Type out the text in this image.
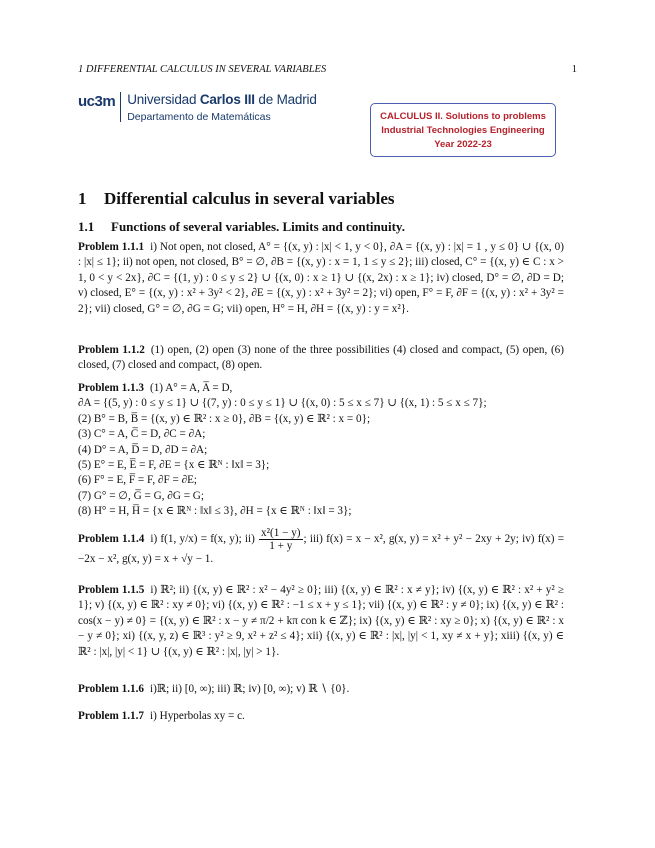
1 DIFFERENTIAL CALCULUS IN SEVERAL VARIABLES	1
uc3m Universidad Carlos III de Madrid
Departamento de Matemáticas	CALCULUS II. Solutions to problems
Industrial Technologies Engineering
Year 2022-23
1 Differential calculus in several variables
1.1 Functions of several variables. Limits and continuity.

Problem 1.1.1 i) Not open, not closed, A° = {(x, y) : |x| < 1, y < 0}, ∂A = {(x, y) : |x| = 1 , y ≤ 0} ∪ {(x, 0) : |x| ≤ 1}; ii) not open, not closed, B° = ∅, ∂B = {(x, y) : x = 1, 1 ≤ y ≤ 2}; iii) closed, C° = {(x, y) ∈ C : x > 1, 0 < y < 2x}, ∂C = {(1, y) : 0 ≤ y ≤ 2} ∪ {(x, 0) : x ≥ 1} ∪ {(x, 2x) : x ≥ 1}; iv) closed, D° = ∅, ∂D = D; v) closed, E° = {(x, y) : x² + 3y² < 2}, ∂E = {(x, y) : x² + 3y² = 2}; vi) open, F° = F, ∂F = {(x, y) : x² + 3y² = 2}; vii) closed, G° = ∅, ∂G = G; vii) open, H° = H, ∂H = {(x, y) : y = x²}.

Problem 1.1.2 (1) open, (2) open (3) none of the three possibilities (4) closed and compact, (5) open, (6) closed, (7) closed and compact, (8) open.

Problem 1.1.3 (1) A° = A, A̅ = D,
∂A = {(5, y) : 0 ≤ y ≤ 1} ∪ {(7, y) : 0 ≤ y ≤ 1} ∪ {(x, 0) : 5 ≤ x ≤ 7} ∪ {(x, 1) : 5 ≤ x ≤ 7};
(2) B° = B, B̅ = {(x, y) ∈ ℝ² : x ≥ 0}, ∂B = {(x, y) ∈ ℝ² : x = 0};
(3) C° = A, C̅ = D, ∂C = ∂A;
(4) D° = A, D̅ = D, ∂D = ∂A;
(5) E° = E, E̅ = F, ∂E = {x ∈ ℝᴺ : ‖x‖ = 3};
(6) F° = E, F̅ = F, ∂F = ∂E;
(7) G° = ∅, G̅ = G, ∂G = G;
(8) H° = H, H̅ = {x ∈ ℝᴺ : ‖x‖ ≤ 3}, ∂H = {x ∈ ℝᴺ : ‖x‖ = 3};

Problem 1.1.4 i) f(1, y/x) = f(x, y); $ii) \frac{\text{x²(1 − y)}}{1 + y}$ ; iii) f(x) = x − x², g(x, y) = x² + y² − 2xy + 2y; iv) f(x) = −2x − x², g(x, y) = x + √y − 1.

Problem 1.1.5 i) ℝ²; ii) {(x, y) ∈ ℝ² : x² − 4y² ≥ 0}; iii) {(x, y) ∈ ℝ² : x ≠ y}; iv) {(x, y) ∈ ℝ² : x² + y² ≥ 1}; v) {(x, y) ∈ ℝ² : xy ≠ 0}; vi) {(x, y) ∈ ℝ² : −1 ≤ x + y ≤ 1}; vii) {(x, y) ∈ ℝ² : y ≠ 0}; ix) {(x, y) ∈ ℝ² : cos(x − y) ≠ 0} = {(x, y) ∈ ℝ² : x − y ≠ π/2 + kπ con k ∈ ℤ}; ix) {(x, y) ∈ ℝ² : xy ≥ 0}; x) {(x, y) ∈ ℝ² : x − y ≠ 0}; xi) {(x, y, z) ∈ ℝ³ : y² ≥ 9, x² + z² ≤ 4}; xii) {(x, y) ∈ ℝ² : |x|, |y| < 1, xy ≠ x + y}; xiii) {(x, y) ∈ ℝ² : |x|, |y| < 1} ∪ {(x, y) ∈ ℝ² : |x|, |y| > 1}.

Problem 1.1.6 i)ℝ; ii) [0, ∞); iii) ℝ; iv) [0, ∞); v) ℝ ∖ {0}.

Problem 1.1.7 i) Hyperbolas xy = c.
